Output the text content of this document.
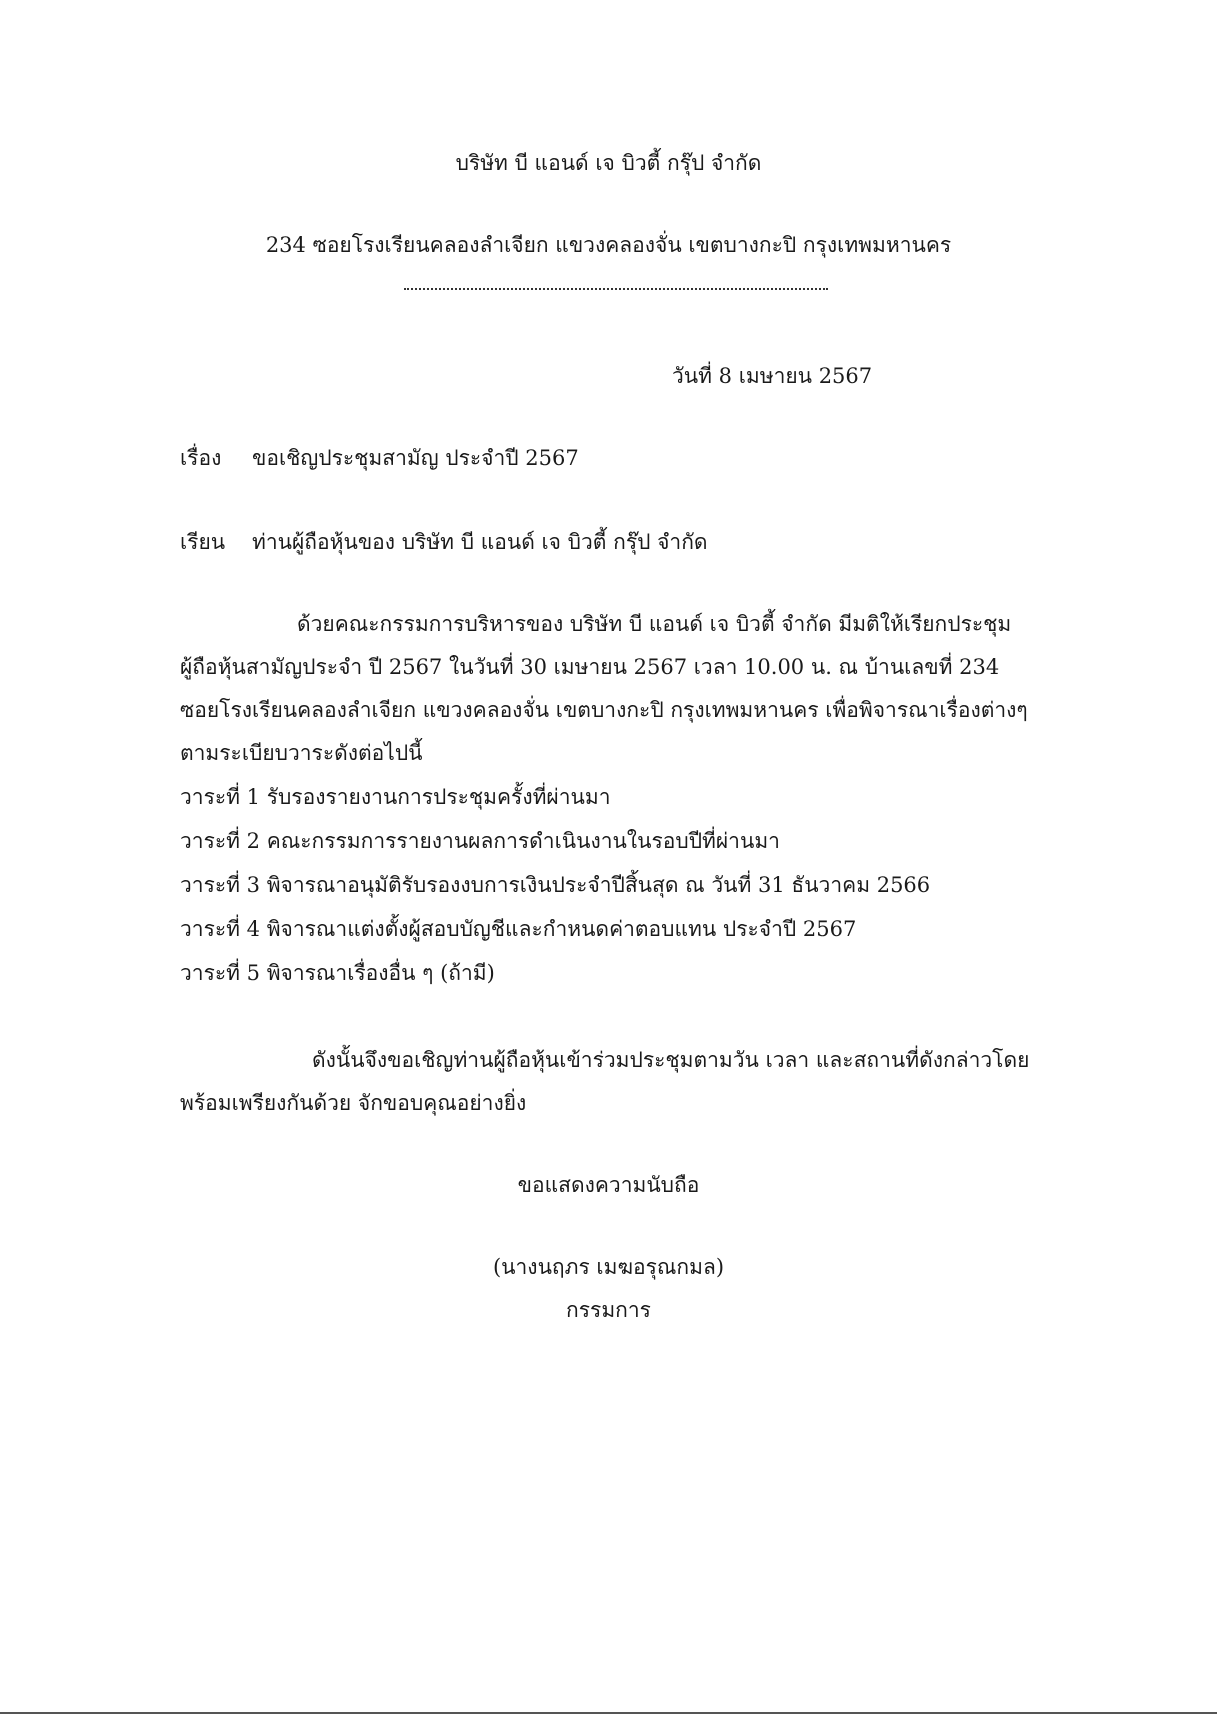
บริษัท บี แอนด์ เจ บิวตี้ กรุ๊ป จำกัด
234 ซอยโรงเรียนคลองลำเจียก แขวงคลองจั่น เขตบางกะปิ กรุงเทพมหานคร
วันที่ 8 เมษายน 2567
เรื่อง ขอเชิญประชุมสามัญ ประจำปี 2567
เรียน ท่านผู้ถือหุ้นของ บริษัท บี แอนด์ เจ บิวตี้ กรุ๊ป จำกัด
ด้วยคณะกรรมการบริหารของ บริษัท บี แอนด์ เจ บิวตี้ จำกัด มีมติให้เรียกประชุม
ผู้ถือหุ้นสามัญประจำ ปี 2567 ในวันที่ 30 เมษายน 2567 เวลา 10.00 น. ณ บ้านเลขที่ 234
ซอยโรงเรียนคลองลำเจียก แขวงคลองจั่น เขตบางกะปิ กรุงเทพมหานคร เพื่อพิจารณาเรื่องต่างๆ
ตามระเบียบวาระดังต่อไปนี้
วาระที่ 1 รับรองรายงานการประชุมครั้งที่ผ่านมา
วาระที่ 2 คณะกรรมการรายงานผลการดำเนินงานในรอบปีที่ผ่านมา
วาระที่ 3 พิจารณาอนุมัติรับรองงบการเงินประจำปีสิ้นสุด ณ วันที่ 31 ธันวาคม 2566
วาระที่ 4 พิจารณาแต่งตั้งผู้สอบบัญชีและกำหนดค่าตอบแทน ประจำปี 2567
วาระที่ 5 พิจารณาเรื่องอื่น ๆ (ถ้ามี)
ดังนั้นจึงขอเชิญท่านผู้ถือหุ้นเข้าร่วมประชุมตามวัน เวลา และสถานที่ดังกล่าวโดย
พร้อมเพรียงกันด้วย จักขอบคุณอย่างยิ่ง
ขอแสดงความนับถือ
(นางนฤภร เมฆอรุณกมล)
กรรมการ
